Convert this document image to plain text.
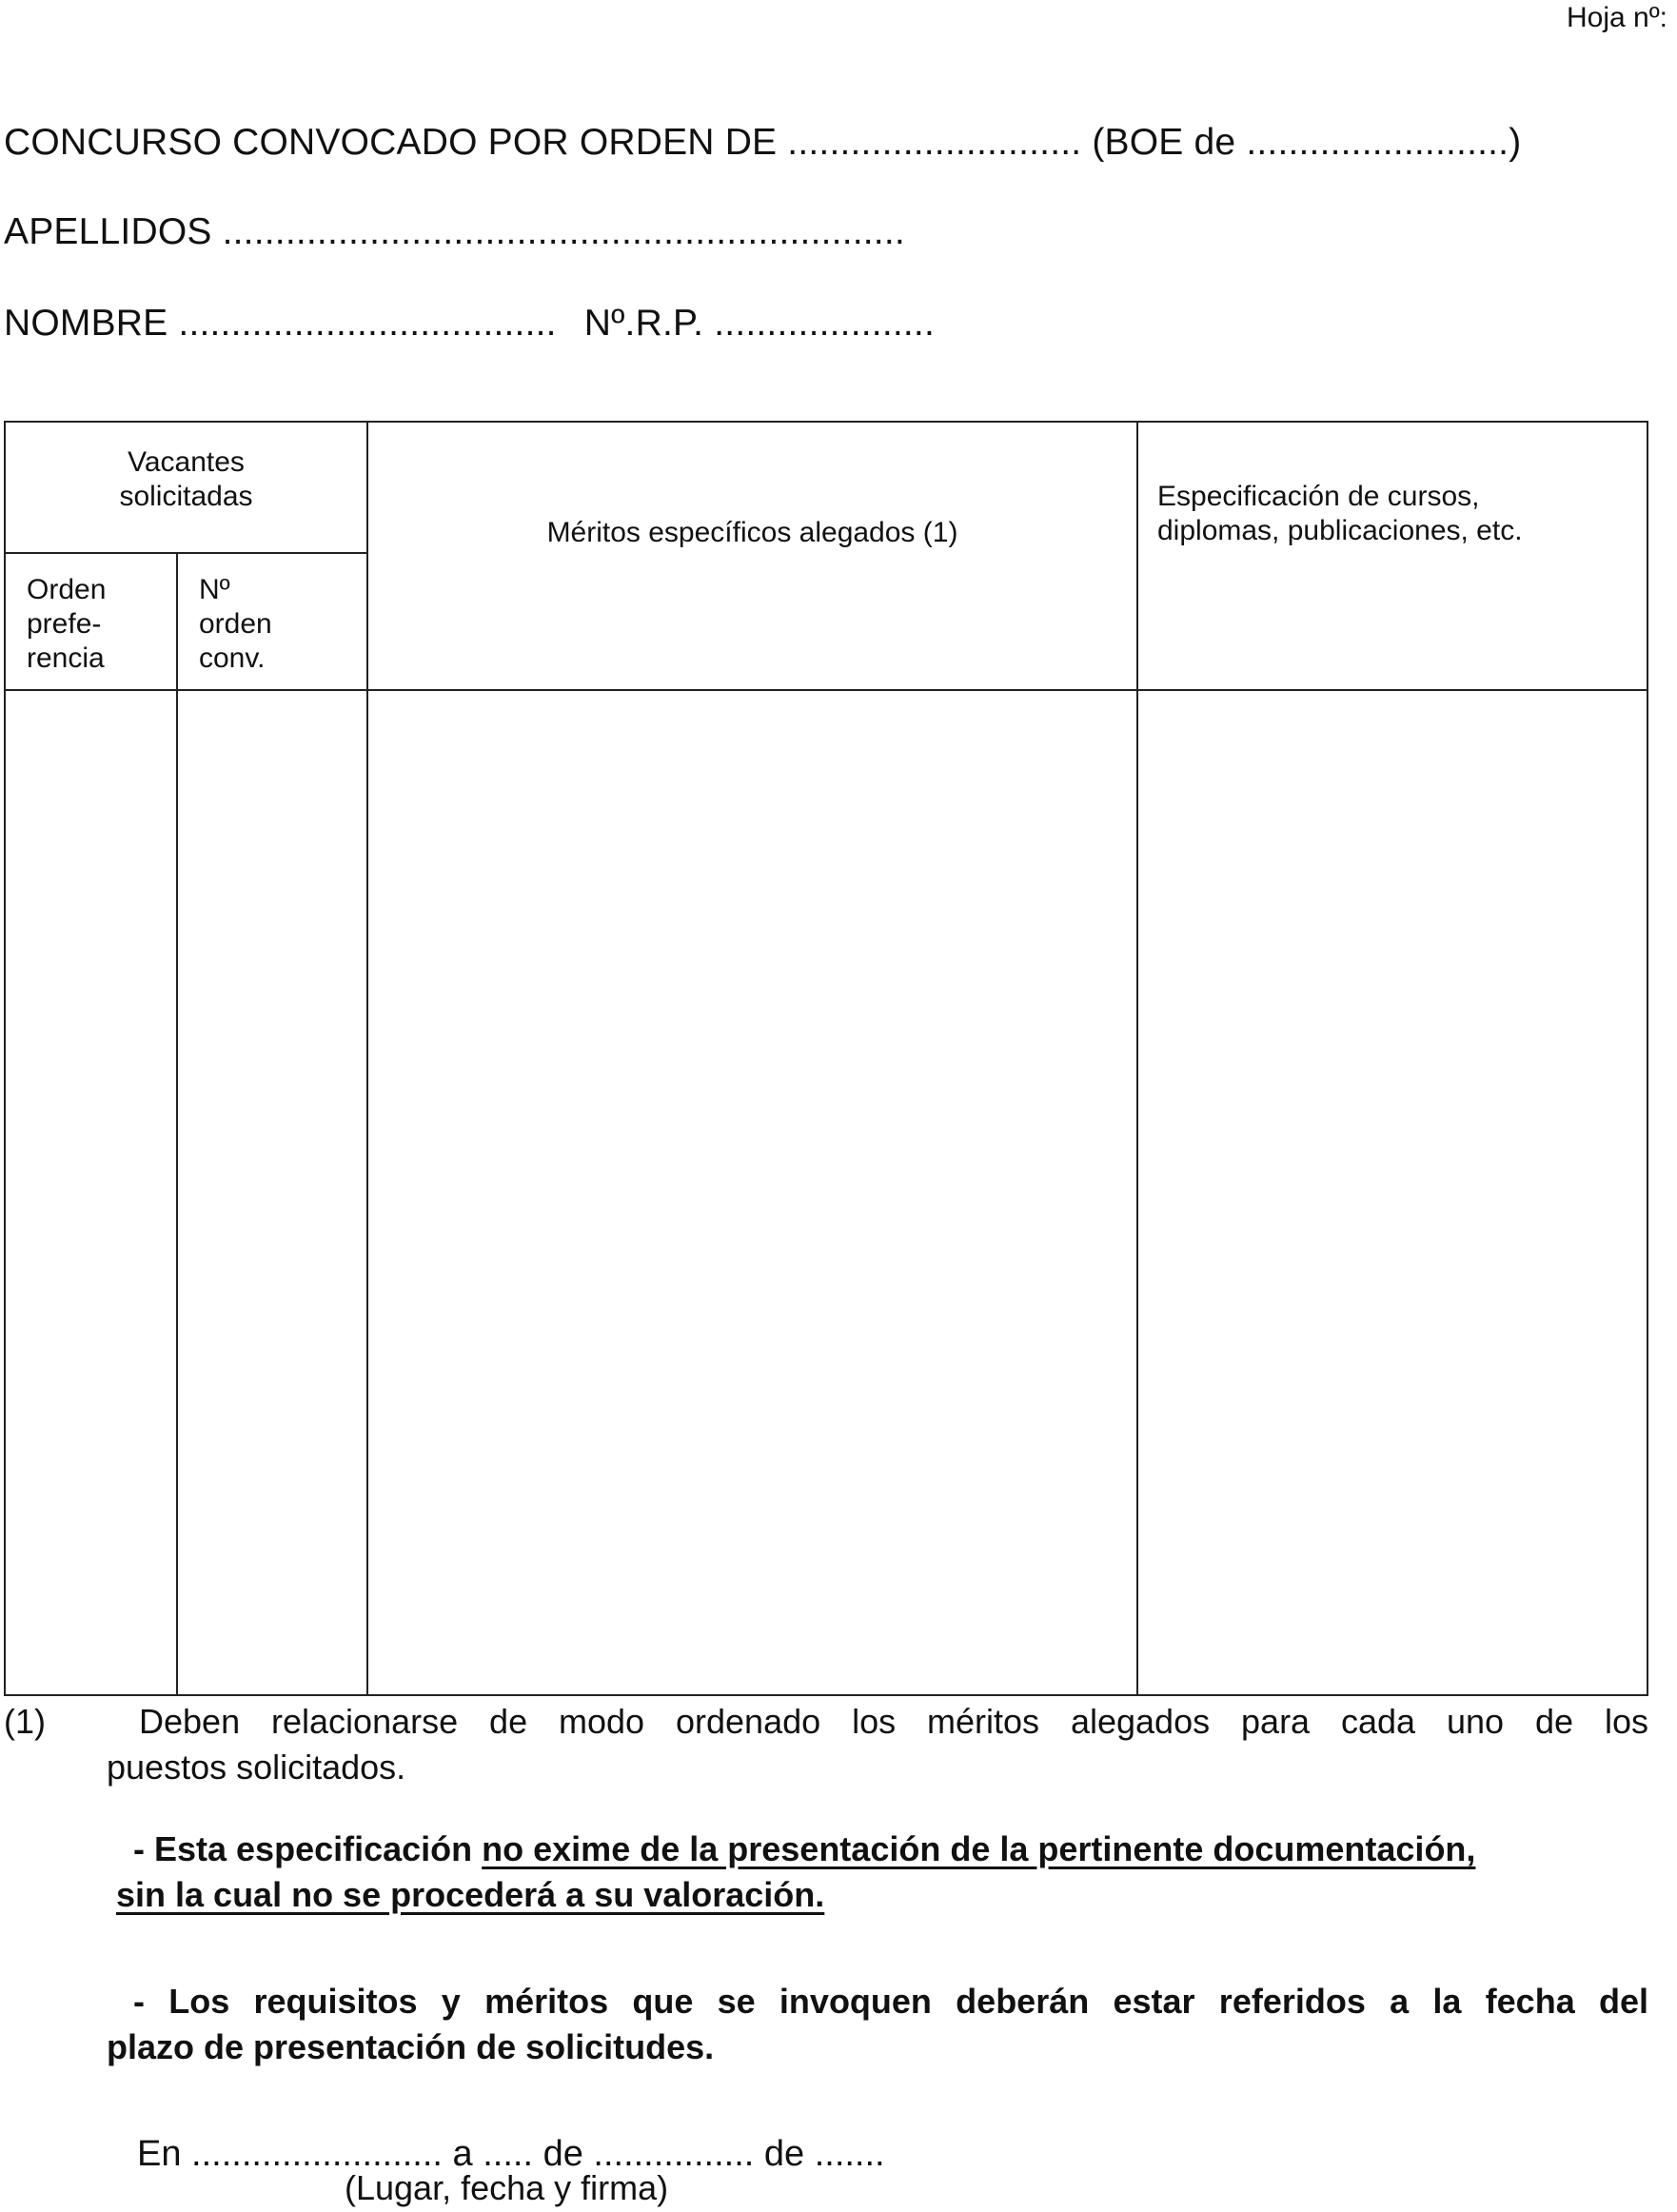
Hoja nº:
CONCURSO CONVOCADO POR ORDEN DE ............................ (BOE de .........................)
APELLIDOS .................................................................
NOMBRE .................................... Nº.R.P. .....................
Vacantes solicitadas
Orden
prefe-
rencia
Nº
orden
conv.
Méritos específicos alegados (1)
Especificación de cursos,
diplomas, publicaciones, etc.
(1)	Deben relacionarse de modo ordenado los méritos alegados para cada uno de los
puestos solicitados.
- Esta especificación no exime de la presentación de la pertinente documentación,
sin la cual no se procederá a su valoración.
- Los requisitos y méritos que se invoquen deberán estar referidos a la fecha del
plazo de presentación de solicitudes.
En ......................... a ..... de ................ de .......
(Lugar, fecha y firma)
